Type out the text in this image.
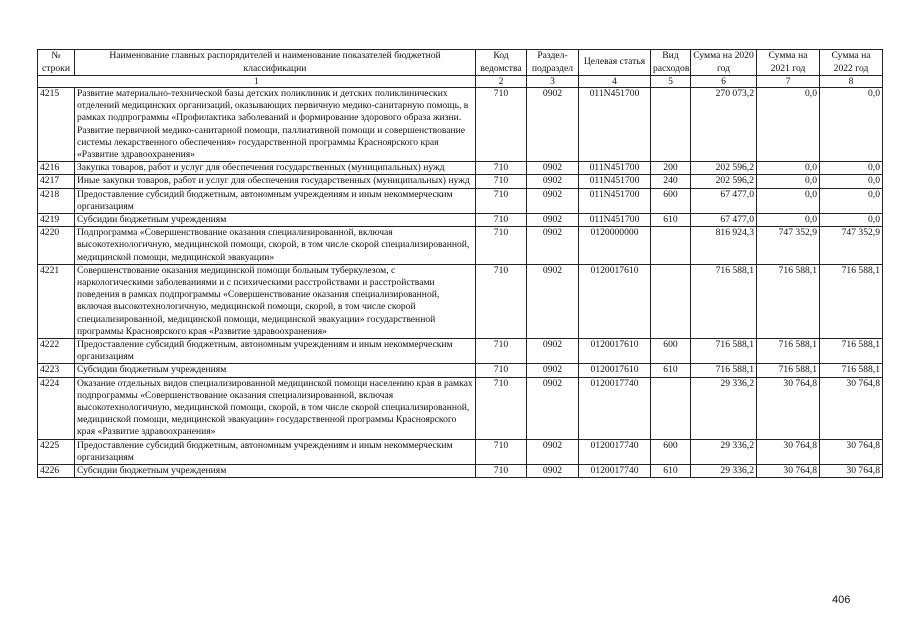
№ строки	Наименование главных распорядителей и наименование показателей бюджетной классификации	Код ведомства	Раздел-подраздел	Целевая статья	Вид расходов	Сумма на 2020 год	Сумма на 2021 год	Сумма на 2022 год
1		2	3	4	5	6	7	8
4215	Развитие материально-технической базы детских поликлиник и детских поликлинических отделений медицинских организаций, оказывающих первичную медико-санитарную помощь, в рамках подпрограммы «Профилактика заболеваний и формирование здорового образа жизни. Развитие первичной медико-санитарной помощи, паллиативной помощи и совершенствование системы лекарственного обеспечения» государственной программы Красноярского края «Развитие здравоохранения»	710	0902	011N451700		270 073,2	0,0	0,0
4216	Закупка товаров, работ и услуг для обеспечения государственных (муниципальных) нужд	710	0902	011N451700	200	202 596,2	0,0	0,0
4217	Иные закупки товаров, работ и услуг для обеспечения государственных (муниципальных) нужд	710	0902	011N451700	240	202 596,2	0,0	0,0
4218	Предоставление субсидий бюджетным, автономным учреждениям и иным некоммерческим организациям	710	0902	011N451700	600	67 477,0	0,0	0,0
4219	Субсидии бюджетным учреждениям	710	0902	011N451700	610	67 477,0	0,0	0,0
4220	Подпрограмма «Совершенствование оказания специализированной, включая высокотехнологичную, медицинской помощи, скорой, в том числе скорой специализированной, медицинской помощи, медицинской эвакуации»	710	0902	0120000000		816 924,3	747 352,9	747 352,9
4221	Совершенствование оказания медицинской помощи больным туберкулезом, с наркологическими заболеваниями и с психическими расстройствами и расстройствами поведения в рамках подпрограммы «Совершенствование оказания специализированной, включая высокотехнологичную, медицинской помощи, скорой, в том числе скорой специализированной, медицинской помощи, медицинской эвакуации» государственной программы Красноярского края «Развитие здравоохранения»	710	0902	0120017610		716 588,1	716 588,1	716 588,1
4222	Предоставление субсидий бюджетным, автономным учреждениям и иным некоммерческим организациям	710	0902	0120017610	600	716 588,1	716 588,1	716 588,1
4223	Субсидии бюджетным учреждениям	710	0902	0120017610	610	716 588,1	716 588,1	716 588,1
4224	Оказание отдельных видов специализированной медицинской помощи населению края в рамках подпрограммы «Совершенствование оказания специализированной, включая высокотехнологичную, медицинской помощи, скорой, в том числе скорой специализированной, медицинской помощи, медицинской эвакуации» государственной программы Красноярского края «Развитие здравоохранения»	710	0902	0120017740		29 336,2	30 764,8	30 764,8
4225	Предоставление субсидий бюджетным, автономным учреждениям и иным некоммерческим организациям	710	0902	0120017740	600	29 336,2	30 764,8	30 764,8
4226	Субсидии бюджетным учреждениям	710	0902	0120017740	610	29 336,2	30 764,8	30 764,8
406
